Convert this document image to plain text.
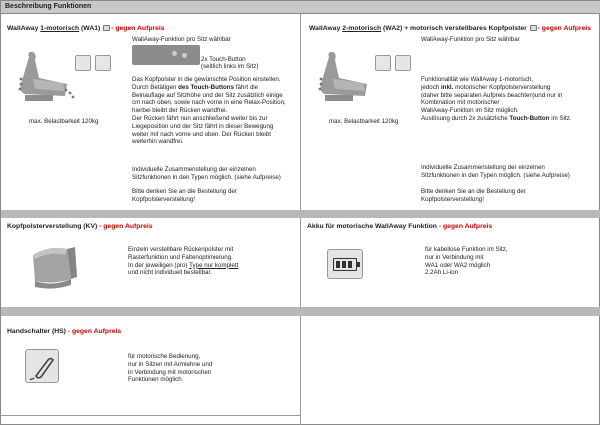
Beschreibung Funktionen
WallAway 1-motorisch (WA1) - gegen Aufpreis
WallAway-Funktion pro Sitz wählbar
max. Belastbarkeit 120kg
2x Touch-Button
(seitlich links im Sitz)
Das Kopfpolster in die gewünschte Position einstellen.
Durch Betätigen des Touch-Buttons fährt die
Beinauflage auf Sitzhöhe und der Sitz zusätzlich einige
cm nach oben, sowie nach vorne in eine Relax-Position,
hierbei bleibt der Rücken wandfrei.
Der Rücken fährt nun anschließend weiter bis zur
Liegeposition und der Sitz fährt in dieser Bewegung
weiter mit nach vorne und oben. Der Rücken bleibt
weiterhin wandfrei.
Individuelle Zusammenstellung der einzelnen
Sitzfunktionen in den Typen möglich. (siehe Aufpreise)
Bitte denken Sie an die Bestellung der
Kopfpolsterverstellung!
WallAway 2-motorisch (WA2) + motorisch verstellbares Kopfpolster - gegen Aufpreis
WallAway-Funktion pro Sitz wählbar
max. Belastbarkeit 120kg
Funktionalität wie WallAway 1-motorisch,
jedoch inkl. motorischer Kopfpolsterverstellung
(daher bitte separaten Aufpreis beachten)und nur in
Kombination mit motorischer
WallAway-Funktion im Sitz möglich.
Auslösung durch 2x zusätzliche Touch-Button im Sitz.
Individuelle Zusammenstellung der einzelnen
Sitzfunktionen in den Typen möglich. (siehe Aufpreise)
Bitte denken Sie an die Bestellung der
Kopfpolsterverstellung!
Kopfpolsterverstellung (KV) - gegen Aufpreis
Einzeln verstellbare Rückenpolster mit
Rasterfunktion und Faltenoptimierung.
In der jeweiligen (pro) Type nur komplett
und nicht individuell bestellbar.
Akku für motorische WallAway Funktion - gegen Aufpreis
für kabellose Funktion im Sitz,
nur in Verbindung mit
WA1 oder WA2 möglich
2,2Ah Li-ion
Handschalter (HS) - gegen Aufpreis
für motorische Bedienung,
nur in Sitzen mit Armlehne und
in Verbindung mit motorischen
Funktionen möglich
